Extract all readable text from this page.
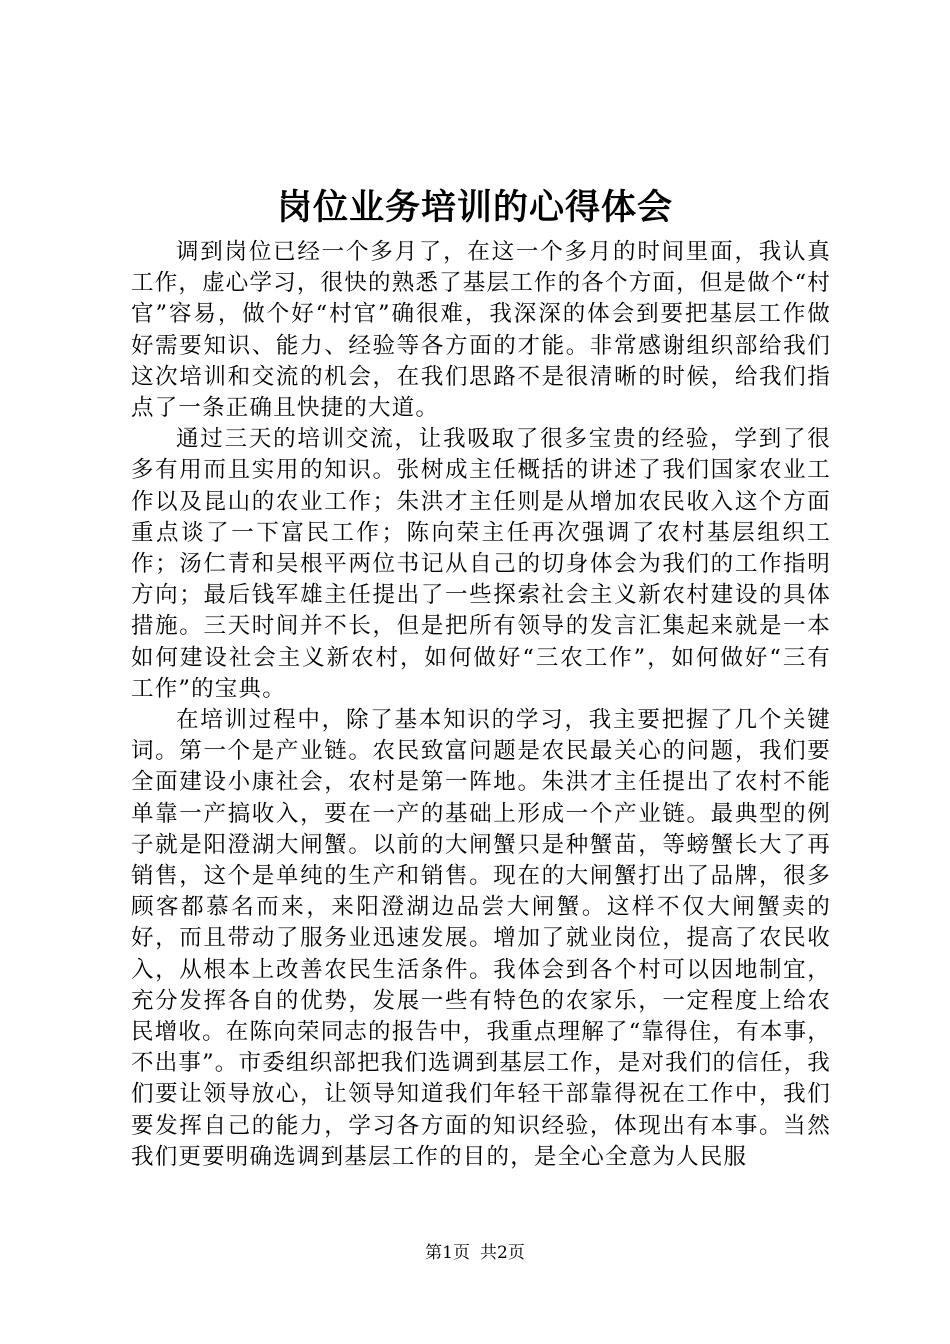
岗位业务培训的心得体会

调到岗位已经一个多月了，在这一个多月的时间里面，我认真工作，虚心学习，很快的熟悉了基层工作的各个方面，但是做个“村官”容易，做个好“村官”确很难，我深深的体会到要把基层工作做好需要知识、能力、经验等各方面的才能。非常感谢组织部给我们这次培训和交流的机会，在我们思路不是很清晰的时候，给我们指点了一条正确且快捷的大道。

通过三天的培训交流，让我吸取了很多宝贵的经验，学到了很多有用而且实用的知识。张树成主任概括的讲述了我们国家农业工作以及昆山的农业工作；朱洪才主任则是从增加农民收入这个方面重点谈了一下富民工作；陈向荣主任再次强调了农村基层组织工作；汤仁青和吴根平两位书记从自己的切身体会为我们的工作指明方向；最后钱军雄主任提出了一些探索社会主义新农村建设的具体措施。三天时间并不长，但是把所有领导的发言汇集起来就是一本如何建设社会主义新农村，如何做好“三农工作”，如何做好“三有工作”的宝典。

在培训过程中，除了基本知识的学习，我主要把握了几个关键词。第一个是产业链。农民致富问题是农民最关心的问题，我们要全面建设小康社会，农村是第一阵地。朱洪才主任提出了农村不能单靠一产搞收入，要在一产的基础上形成一个产业链。最典型的例子就是阳澄湖大闸蟹。以前的大闸蟹只是种蟹苗，等螃蟹长大了再销售，这个是单纯的生产和销售。现在的大闸蟹打出了品牌，很多顾客都慕名而来，来阳澄湖边品尝大闸蟹。这样不仅大闸蟹卖的好，而且带动了服务业迅速发展。增加了就业岗位，提高了农民收入，从根本上改善农民生活条件。我体会到各个村可以因地制宜，充分发挥各自的优势，发展一些有特色的农家乐，一定程度上给农民增收。在陈向荣同志的报告中，我重点理解了“靠得住，有本事，不出事”。市委组织部把我们选调到基层工作，是对我们的信任，我们要让领导放心，让领导知道我们年轻干部靠得祝在工作中，我们要发挥自己的能力，学习各方面的知识经验，体现出有本事。当然我们更要明确选调到基层工作的目的，是全心全意为人民服

第1页 共2页
